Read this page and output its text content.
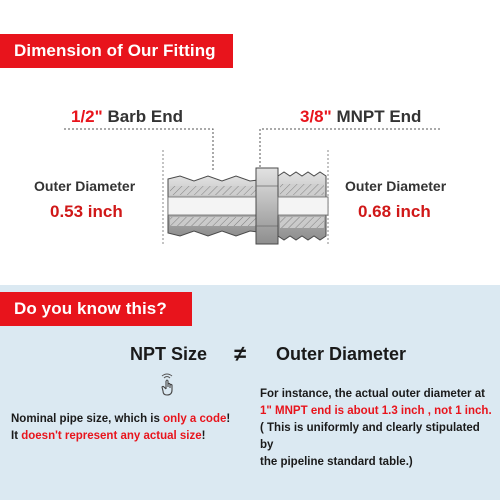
Dimension of Our Fitting
1/2" Barb End	3/8" MNPT End
Outer Diameter
0.53 inch
Outer Diameter
0.68 inch
Do you know this?
NPT Size ≠ Outer Diameter
Nominal pipe size, which is only a code!
It doesn't represent any actual size!
For instance, the actual outer diameter at
1" MNPT end is about 1.3 inch , not 1 inch.
( This is uniformly and clearly stipulated by
the pipeline standard table.)
